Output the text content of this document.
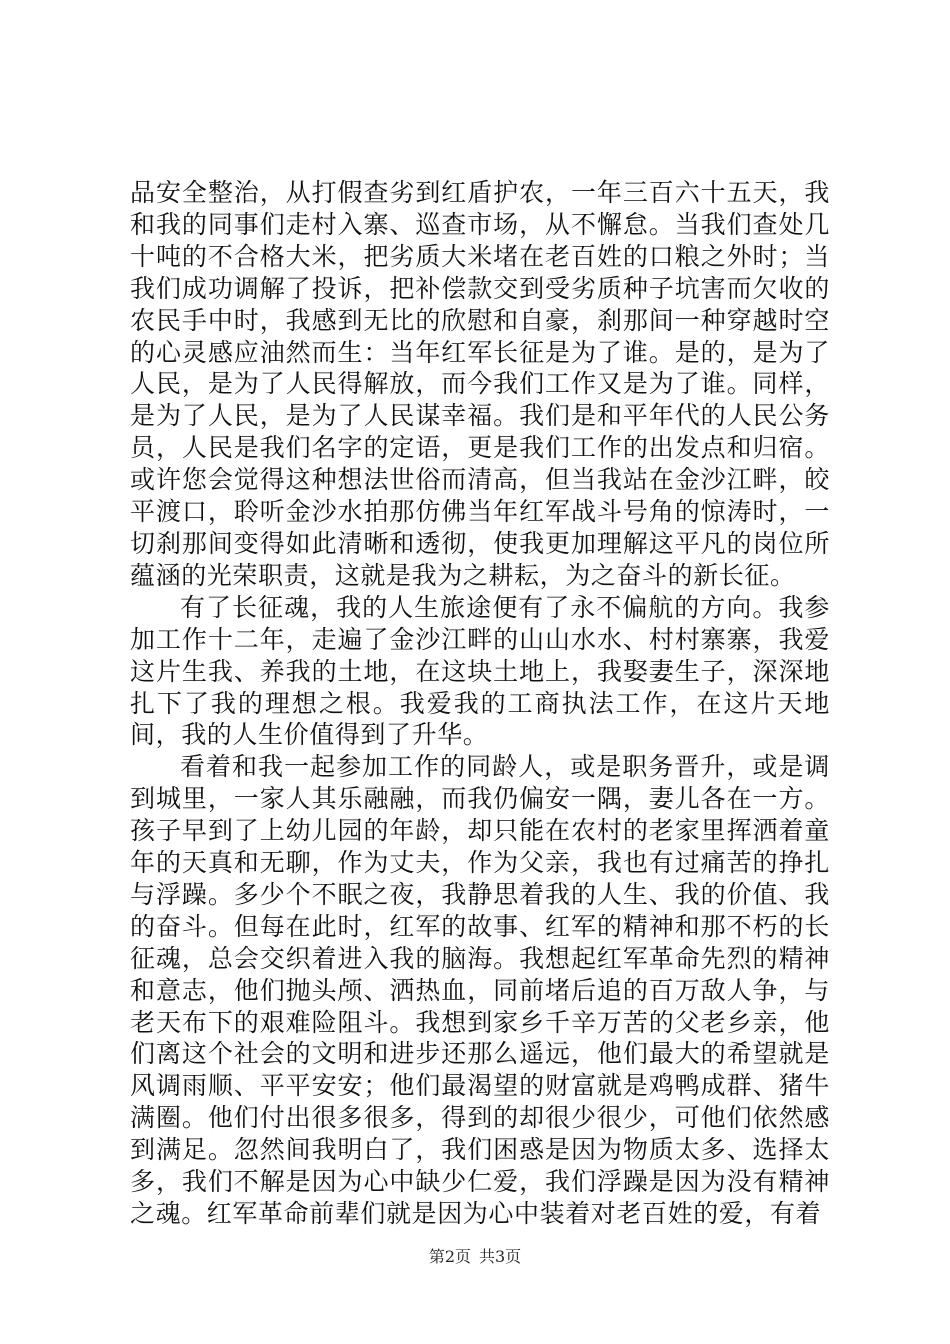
品安全整治，从打假查劣到红盾护农，一年三百六十五天，我和我的同事们走村入寨、巡查市场，从不懈怠。当我们查处几十吨的不合格大米，把劣质大米堵在老百姓的口粮之外时；当我们成功调解了投诉，把补偿款交到受劣质种子坑害而欠收的农民手中时，我感到无比的欣慰和自豪，刹那间一种穿越时空的心灵感应油然而生：当年红军长征是为了谁。是的，是为了人民，是为了人民得解放，而今我们工作又是为了谁。同样，是为了人民，是为了人民谋幸福。我们是和平年代的人民公务员，人民是我们名字的定语，更是我们工作的出发点和归宿。或许您会觉得这种想法世俗而清高，但当我站在金沙江畔，皎平渡口，聆听金沙水拍那仿佛当年红军战斗号角的惊涛时，一切刹那间变得如此清晰和透彻，使我更加理解这平凡的岗位所蕴涵的光荣职责，这就是我为之耕耘，为之奋斗的新长征。

有了长征魂，我的人生旅途便有了永不偏航的方向。我参加工作十二年，走遍了金沙江畔的山山水水、村村寨寨，我爱这片生我、养我的土地，在这块土地上，我娶妻生子，深深地扎下了我的理想之根。我爱我的工商执法工作，在这片天地间，我的人生价值得到了升华。

看着和我一起参加工作的同龄人，或是职务晋升，或是调到城里，一家人其乐融融，而我仍偏安一隅，妻儿各在一方。孩子早到了上幼儿园的年龄，却只能在农村的老家里挥洒着童年的天真和无聊，作为丈夫，作为父亲，我也有过痛苦的挣扎与浮躁。多少个不眠之夜，我静思着我的人生、我的价值、我的奋斗。但每在此时，红军的故事、红军的精神和那不朽的长征魂，总会交织着进入我的脑海。我想起红军革命先烈的精神和意志，他们抛头颅、洒热血，同前堵后追的百万敌人争，与老天布下的艰难险阻斗。我想到家乡千辛万苦的父老乡亲，他们离这个社会的文明和进步还那么遥远，他们最大的希望就是风调雨顺、平平安安；他们最渴望的财富就是鸡鸭成群、猪牛满圈。他们付出很多很多，得到的却很少很少，可他们依然感到满足。忽然间我明白了，我们困惑是因为物质太多、选择太多，我们不解是因为心中缺少仁爱，我们浮躁是因为没有精神之魂。红军革命前辈们就是因为心中装着对老百姓的爱，有着

第2页 共3页
